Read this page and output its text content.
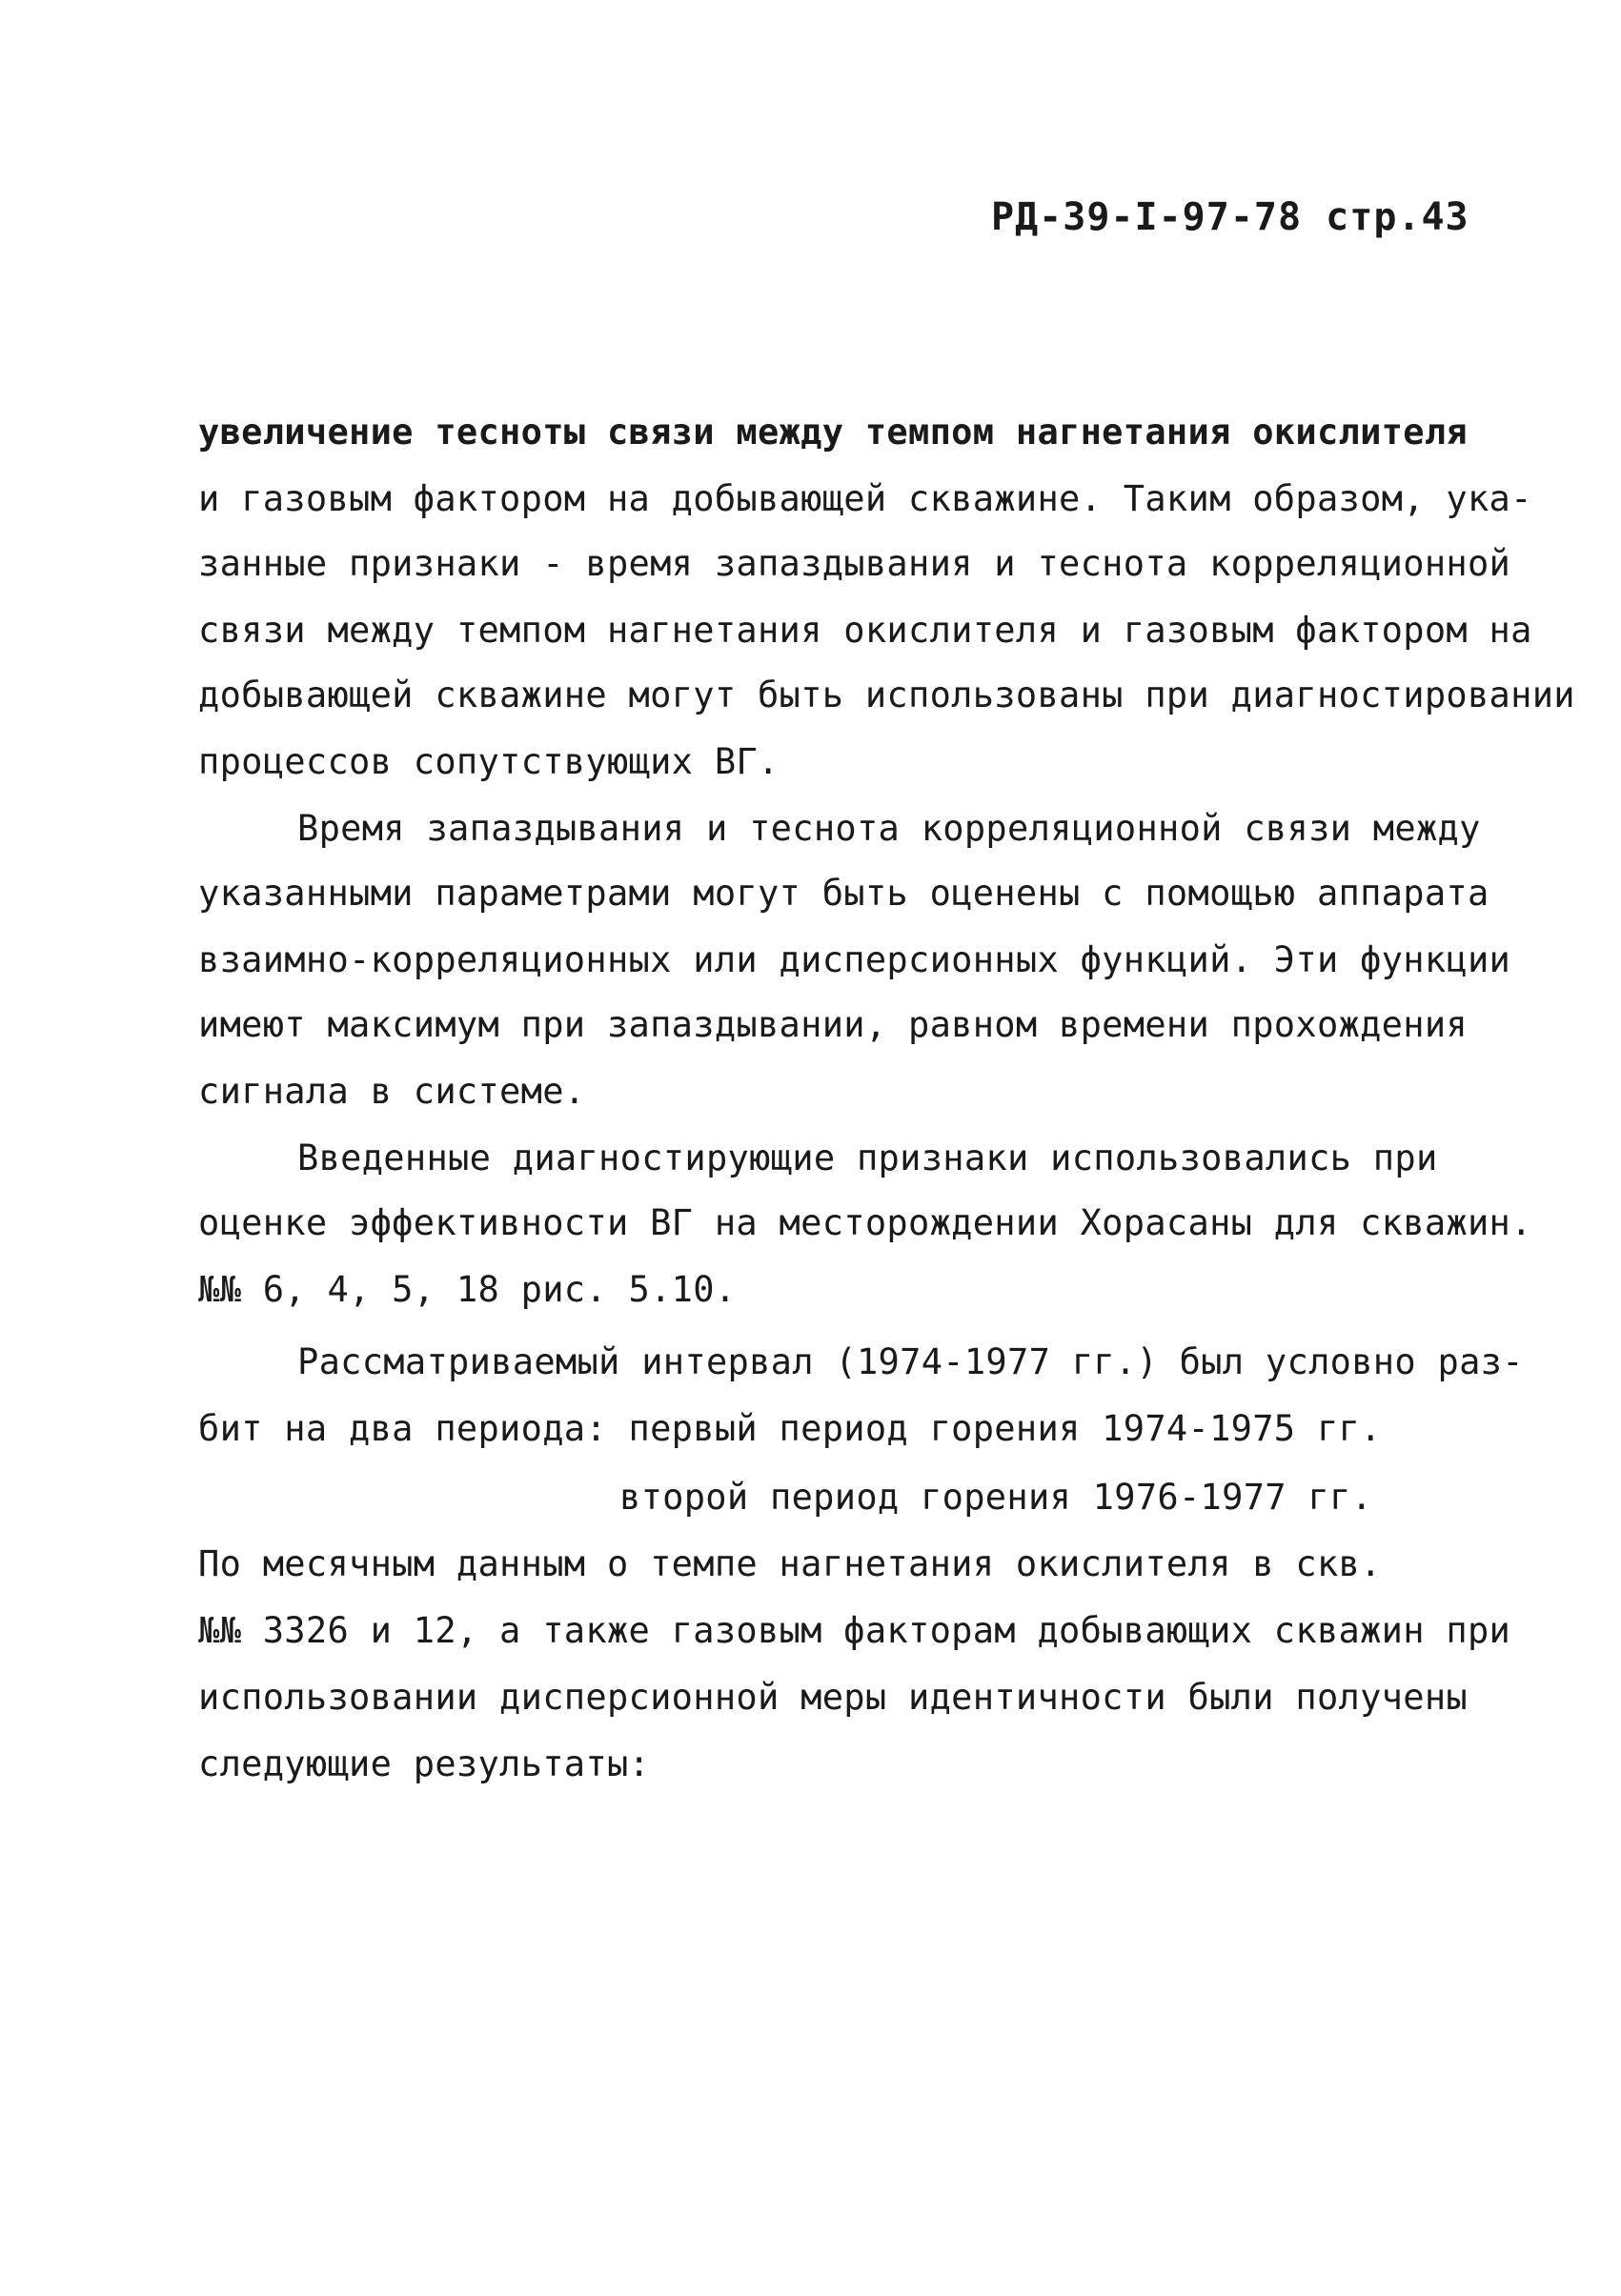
РД-39-I-97-78 стр.43
увеличение тесноты связи между темпом нагнетания окислителя
и газовым фактором на добывающей скважине. Таким образом, ука-
занные признаки - время запаздывания и теснота корреляционной
связи между темпом нагнетания окислителя и газовым фактором на
добывающей скважине могут быть использованы при диагностировании
процессов сопутствующих ВГ.
Время запаздывания и теснота корреляционной связи между
указанными параметрами могут быть оценены с помощью аппарата
взаимно-корреляционных или дисперсионных функций. Эти функции
имеют максимум при запаздывании, равном времени прохождения
сигнала в системе.
Введенные диагностирующие признаки использовались при
оценке эффективности ВГ на месторождении Хорасаны для скважин.
№№ 6, 4, 5, 18 рис. 5.10.
Рассматриваемый интервал (1974-1977 гг.) был условно раз-
бит на два периода: первый период горения 1974-1975 гг.
второй период горения 1976-1977 гг.
По месячным данным о темпе нагнетания окислителя в скв.
№№ 3326 и 12, а также газовым факторам добывающих скважин при
использовании дисперсионной меры идентичности были получены
следующие результаты:
